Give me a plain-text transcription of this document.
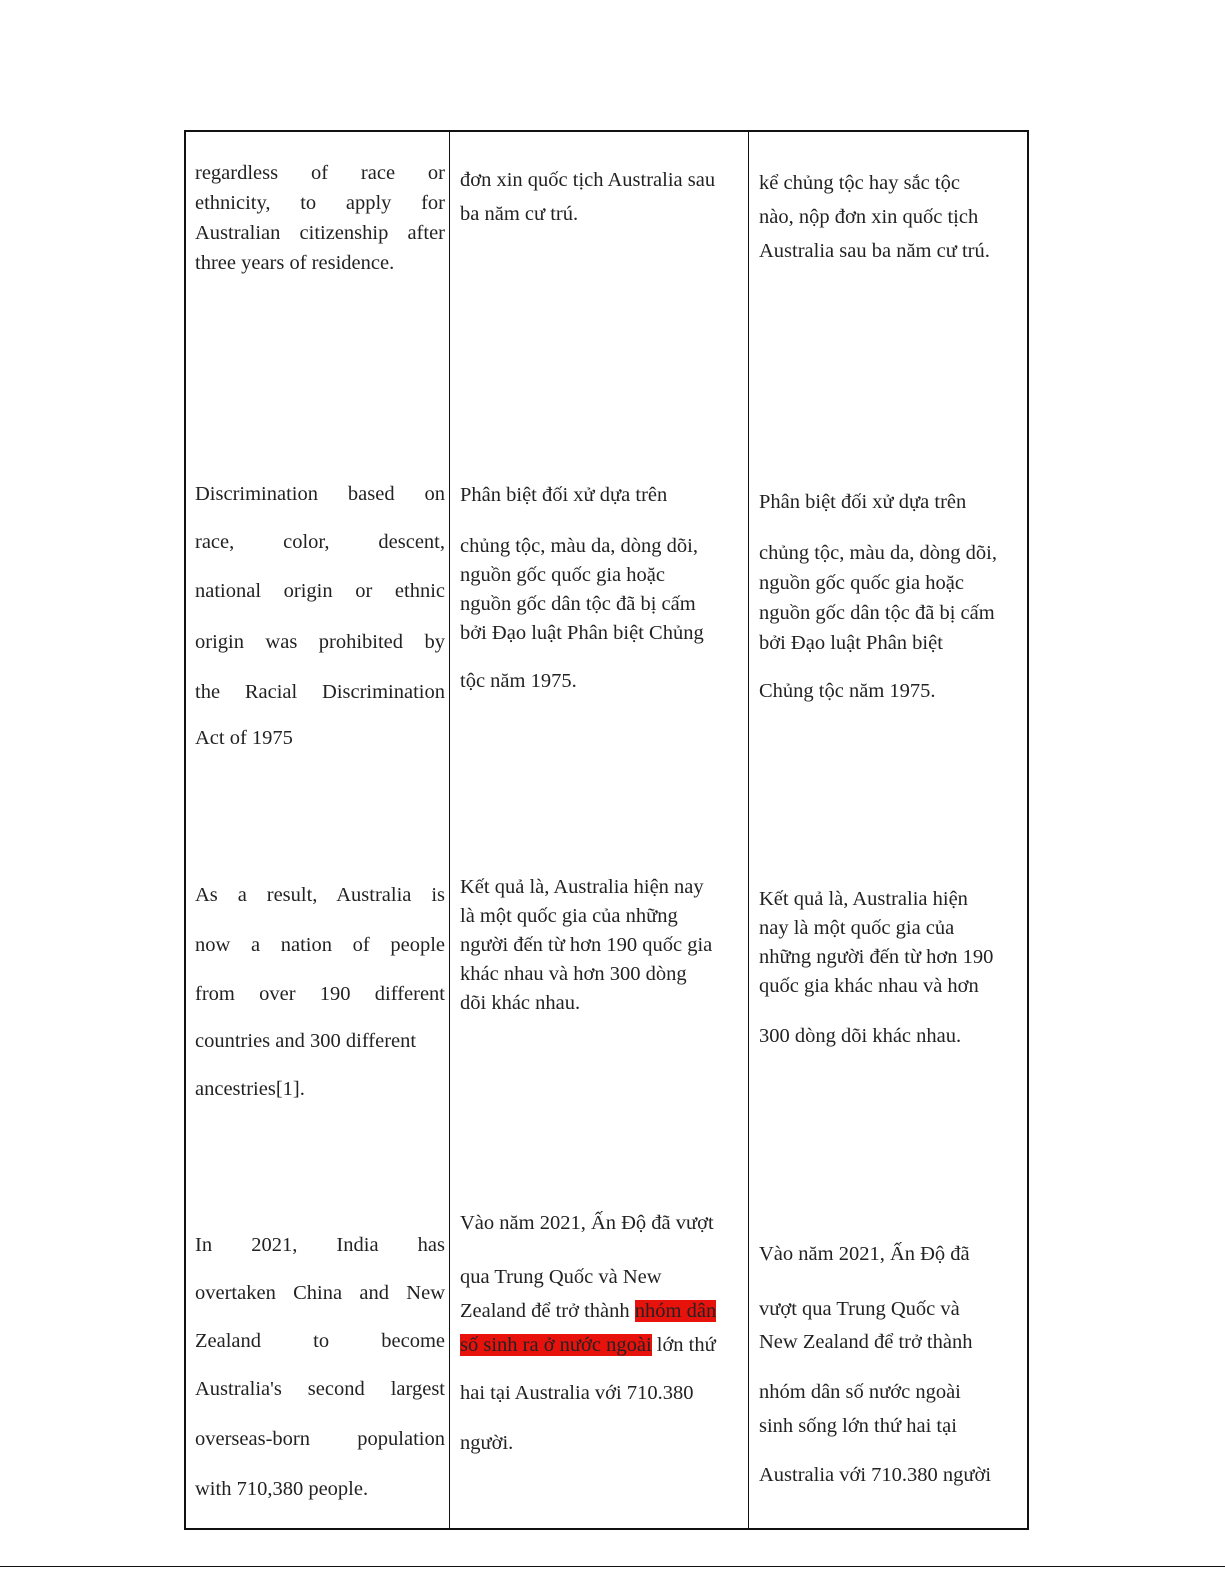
regardless of race or
ethnicity, to apply for
Australian citizenship after
three years of residence.
đơn xin quốc tịch Australia sau
ba năm cư trú.
kể chủng tộc hay sắc tộc
nào, nộp đơn xin quốc tịch
Australia sau ba năm cư trú.
Discrimination based on
race, color, descent,
national origin or ethnic
origin was prohibited by
the Racial Discrimination
Act of 1975
Phân biệt đối xử dựa trên
chủng tộc, màu da, dòng dõi,
nguồn gốc quốc gia hoặc
nguồn gốc dân tộc đã bị cấm
bởi Đạo luật Phân biệt Chủng
tộc năm 1975.
Phân biệt đối xử dựa trên
chủng tộc, màu da, dòng dõi,
nguồn gốc quốc gia hoặc
nguồn gốc dân tộc đã bị cấm
bởi Đạo luật Phân biệt
Chủng tộc năm 1975.
As a result, Australia is
now a nation of people
from over 190 different
countries and 300 different
ancestries[1].
Kết quả là, Australia hiện nay
là một quốc gia của những
người đến từ hơn 190 quốc gia
khác nhau và hơn 300 dòng
dõi khác nhau.
Kết quả là, Australia hiện
nay là một quốc gia của
những người đến từ hơn 190
quốc gia khác nhau và hơn
300 dòng dõi khác nhau.
In 2021, India has
overtaken China and New
Zealand to become
Australia's second largest
overseas-born population
with 710,380 people.
Vào năm 2021, Ấn Độ đã vượt
qua Trung Quốc và New
Zealand để trở thành nhóm dân
số sinh ra ở nước ngoài lớn thứ
hai tại Australia với 710.380
người.
Vào năm 2021, Ấn Độ đã
vượt qua Trung Quốc và
New Zealand để trở thành
nhóm dân số nước ngoài
sinh sống lớn thứ hai tại
Australia với 710.380 người
